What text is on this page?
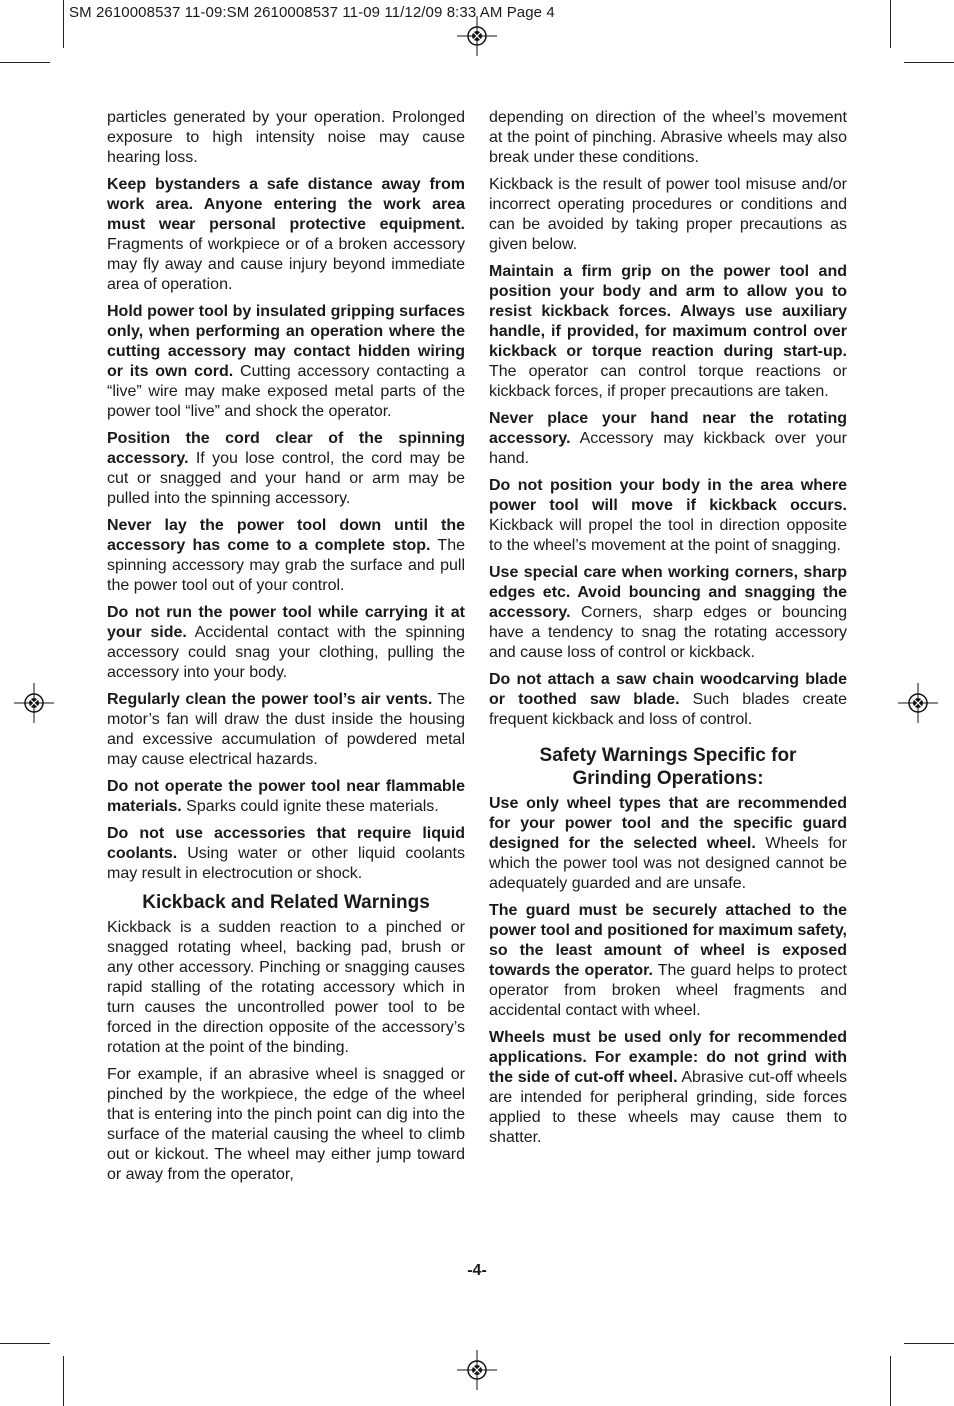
SM 2610008537 11-09:SM 2610008537 11-09 11/12/09 8:33 AM Page 4

particles generated by your operation. Prolonged exposure to high intensity noise may cause hearing loss.

Keep bystanders a safe distance away from work area. Anyone entering the work area must wear personal protective equipment. Fragments of workpiece or of a broken accessory may fly away and cause injury beyond immediate area of operation.

Hold power tool by insulated gripping surfaces only, when performing an operation where the cutting accessory may contact hidden wiring or its own cord. Cutting accessory contacting a “live” wire may make exposed metal parts of the power tool “live” and shock the operator.

Position the cord clear of the spinning accessory. If you lose control, the cord may be cut or snagged and your hand or arm may be pulled into the spinning accessory.

Never lay the power tool down until the accessory has come to a complete stop. The spinning accessory may grab the surface and pull the power tool out of your control.

Do not run the power tool while carrying it at your side. Accidental contact with the spinning accessory could snag your clothing, pulling the accessory into your body.

Regularly clean the power tool’s air vents. The motor’s fan will draw the dust inside the housing and excessive accumulation of powdered metal may cause electrical hazards.

Do not operate the power tool near flammable materials. Sparks could ignite these materials.

Do not use accessories that require liquid coolants. Using water or other liquid coolants may result in electrocution or shock.

Kickback and Related Warnings

Kickback is a sudden reaction to a pinched or snagged rotating wheel, backing pad, brush or any other accessory. Pinching or snagging causes rapid stalling of the rotating accessory which in turn causes the uncontrolled power tool to be forced in the direction opposite of the accessory’s rotation at the point of the binding.

For example, if an abrasive wheel is snagged or pinched by the workpiece, the edge of the wheel that is entering into the pinch point can dig into the surface of the material causing the wheel to climb out or kickout. The wheel may either jump toward or away from the operator,

depending on direction of the wheel’s movement at the point of pinching. Abrasive wheels may also break under these conditions.

Kickback is the result of power tool misuse and/or incorrect operating procedures or conditions and can be avoided by taking proper precautions as given below.

Maintain a firm grip on the power tool and position your body and arm to allow you to resist kickback forces. Always use auxiliary handle, if provided, for maximum control over kickback or torque reaction during start-up. The operator can control torque reactions or kickback forces, if proper precautions are taken.

Never place your hand near the rotating accessory. Accessory may kickback over your hand.

Do not position your body in the area where power tool will move if kickback occurs. Kickback will propel the tool in direction opposite to the wheel’s movement at the point of snagging.

Use special care when working corners, sharp edges etc. Avoid bouncing and snagging the accessory. Corners, sharp edges or bouncing have a tendency to snag the rotating accessory and cause loss of control or kickback.

Do not attach a saw chain woodcarving blade or toothed saw blade. Such blades create frequent kickback and loss of control.

Safety Warnings Specific for
Grinding Operations:

Use only wheel types that are recommended for your power tool and the specific guard designed for the selected wheel. Wheels for which the power tool was not designed cannot be adequately guarded and are unsafe.

The guard must be securely attached to the power tool and positioned for maximum safety, so the least amount of wheel is exposed towards the operator. The guard helps to protect operator from broken wheel fragments and accidental contact with wheel.

Wheels must be used only for recommended applications. For example: do not grind with the side of cut-off wheel. Abrasive cut-off wheels are intended for peripheral grinding, side forces applied to these wheels may cause them to shatter.

-4-
